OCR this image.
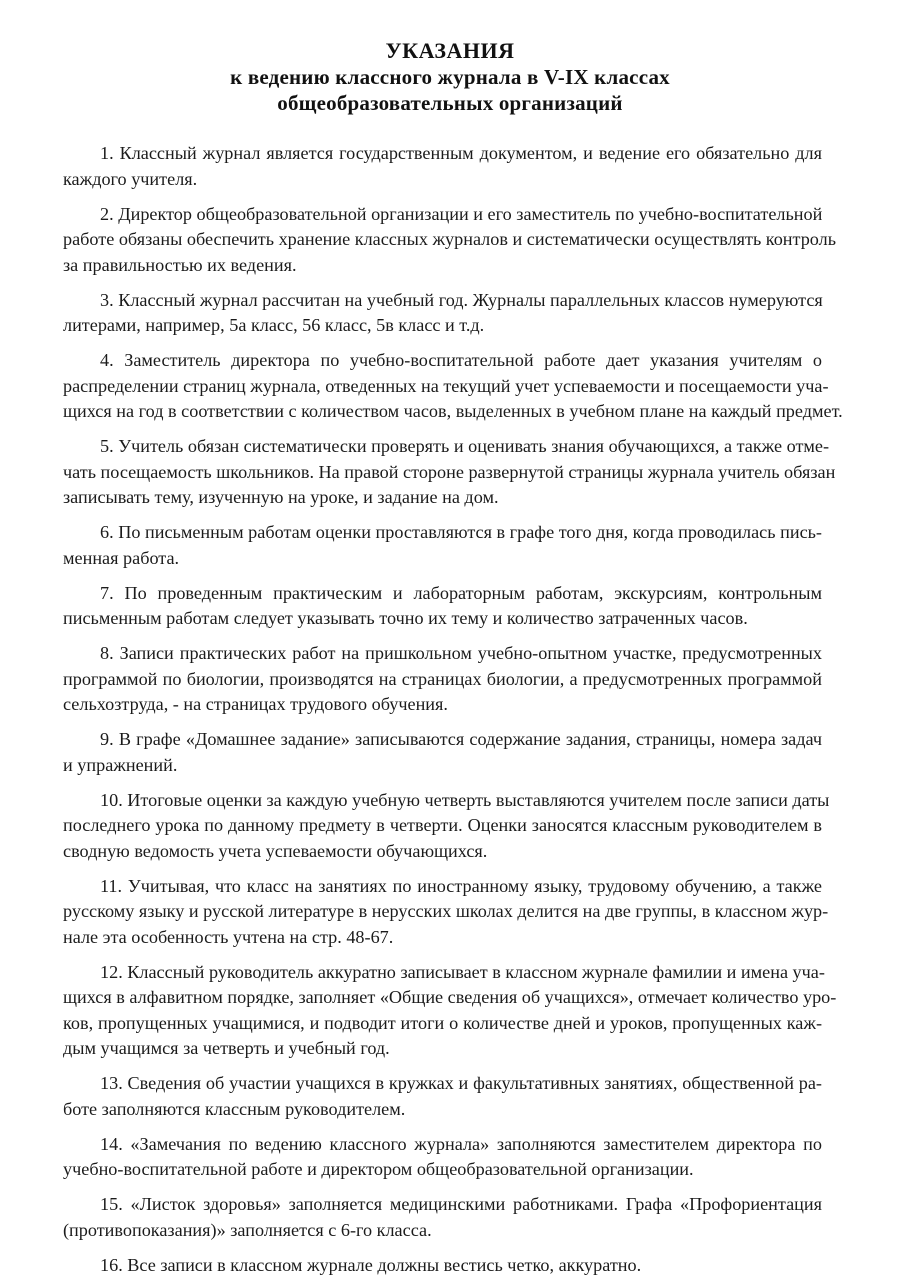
УКАЗАНИЯ
к ведению классного журнала в V-IX классах
общеобразовательных организаций
1. Классный журнал является государственным документом, и ведение его обязательно для
каждого учителя.
2. Директор общеобразовательной организации и его заместитель по учебно-воспитательной
работе обязаны обеспечить хранение классных журналов и систематически осуществлять контроль
за правильностью их ведения.
3. Классный журнал рассчитан на учебный год. Журналы параллельных классов нумеруются
литерами, например, 5а класс, 56 класс, 5в класс и т.д.
4. Заместитель директора по учебно-воспитательной работе дает указания учителям о
распределении страниц журнала, отведенных на текущий учет успеваемости и посещаемости уча-
щихся на год в соответствии с количеством часов, выделенных в учебном плане на каждый предмет.
5. Учитель обязан систематически проверять и оценивать знания обучающихся, а также отме-
чать посещаемость школьников. На правой стороне развернутой страницы журнала учитель обязан
записывать тему, изученную на уроке, и задание на дом.
6. По письменным работам оценки проставляются в графе того дня, когда проводилась пись-
менная работа.
7. По проведенным практическим и лабораторным работам, экскурсиям, контрольным
письменным работам следует указывать точно их тему и количество затраченных часов.
8. Записи практических работ на пришкольном учебно-опытном участке, предусмотренных
программой по биологии, производятся на страницах биологии, а предусмотренных программой
сельхозтруда, - на страницах трудового обучения.
9. В графе «Домашнее задание» записываются содержание задания, страницы, номера задач
и упражнений.
10. Итоговые оценки за каждую учебную четверть выставляются учителем после записи даты
последнего урока по данному предмету в четверти. Оценки заносятся классным руководителем в
сводную ведомость учета успеваемости обучающихся.
11. Учитывая, что класс на занятиях по иностранному языку, трудовому обучению, а также
русскому языку и русской литературе в нерусских школах делится на две группы, в классном жур-
нале эта особенность учтена на стр. 48-67.
12. Классный руководитель аккуратно записывает в классном журнале фамилии и имена уча-
щихся в алфавитном порядке, заполняет «Общие сведения об учащихся», отмечает количество уро-
ков, пропущенных учащимися, и подводит итоги о количестве дней и уроков, пропущенных каж-
дым учащимся за четверть и учебный год.
13. Сведения об участии учащихся в кружках и факультативных занятиях, общественной ра-
боте заполняются классным руководителем.
14. «Замечания по ведению классного журнала» заполняются заместителем директора по
учебно-воспитательной работе и директором общеобразовательной организации.
15. «Листок здоровья» заполняется медицинскими работниками. Графа «Профориентация
(противопоказания)» заполняется с 6-го класса.
16. Все записи в классном журнале должны вестись четко, аккуратно.
